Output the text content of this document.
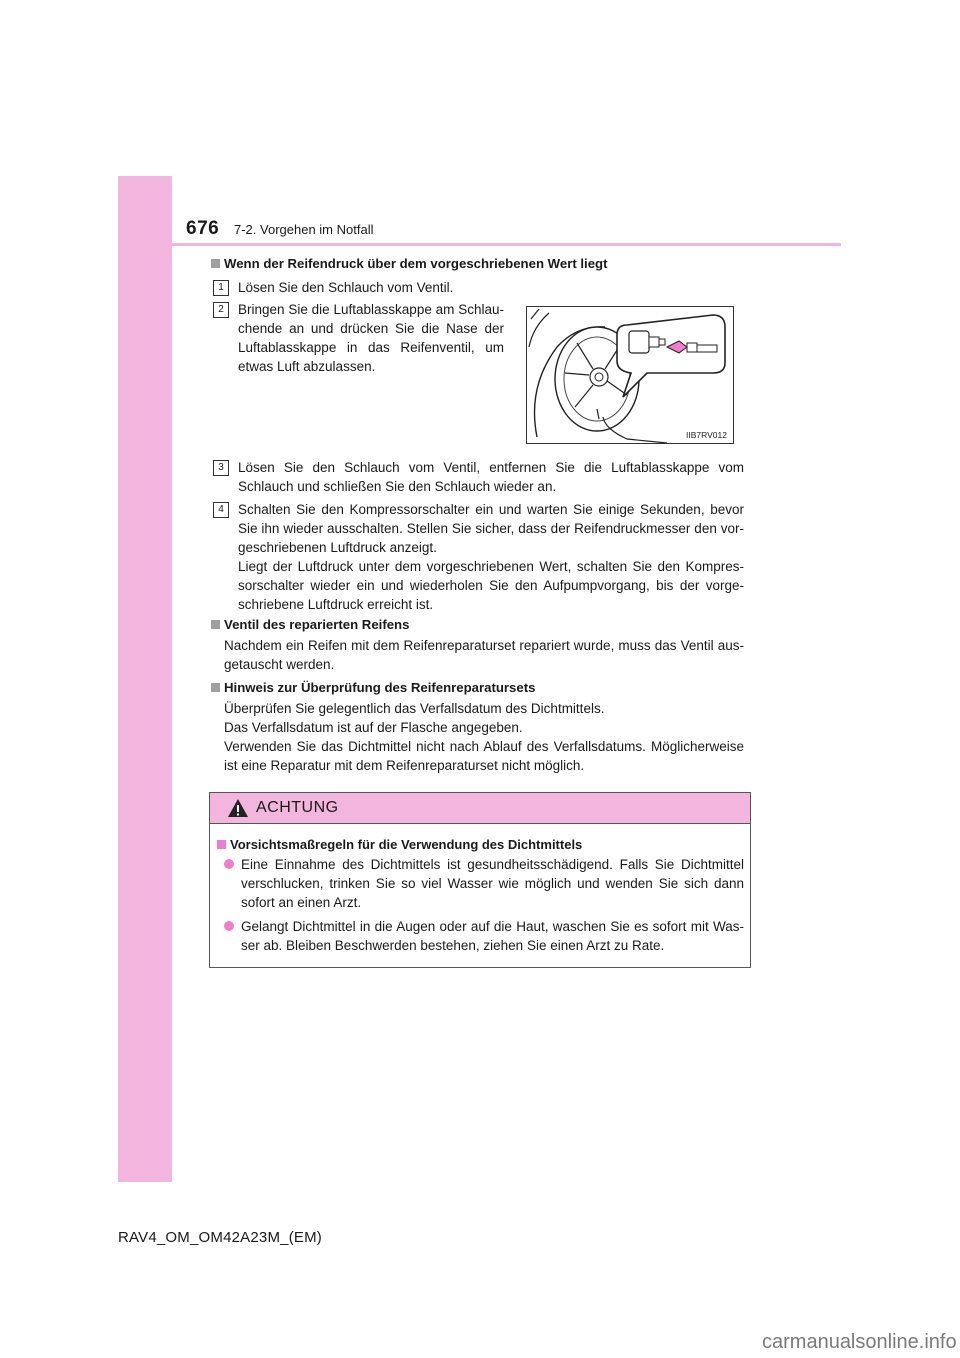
676 7-2. Vorgehen im Notfall
Wenn der Reifendruck über dem vorgeschriebenen Wert liegt
1	Lösen Sie den Schlauch vom Ventil.
2	Bringen Sie die Luftablasskappe am Schlau-chende an und drücken Sie die Nase der Luftablasskappe in das Reifenventil, um etwas Luft abzulassen.
IIB7RV012
3	Lösen Sie den Schlauch vom Ventil, entfernen Sie die Luftablasskappe vom Schlauch und schließen Sie den Schlauch wieder an.
4	Schalten Sie den Kompressorschalter ein und warten Sie einige Sekunden, bevor Sie ihn wieder ausschalten. Stellen Sie sicher, dass der Reifendruckmesser den vor-geschriebenen Luftdruck anzeigt.
Liegt der Luftdruck unter dem vorgeschriebenen Wert, schalten Sie den Kompres-sorschalter wieder ein und wiederholen Sie den Aufpumpvorgang, bis der vorge-schriebene Luftdruck erreicht ist.
Ventil des reparierten Reifens
Nachdem ein Reifen mit dem Reifenreparaturset repariert wurde, muss das Ventil aus-getauscht werden.
Hinweis zur Überprüfung des Reifenreparatursets
Überprüfen Sie gelegentlich das Verfallsdatum des Dichtmittels.
Das Verfallsdatum ist auf der Flasche angegeben.
Verwenden Sie das Dichtmittel nicht nach Ablauf des Verfallsdatums. Möglicherweise ist eine Reparatur mit dem Reifenreparaturset nicht möglich.
ACHTUNG
Vorsichtsmaßregeln für die Verwendung des Dichtmittels
Eine Einnahme des Dichtmittels ist gesundheitsschädigend. Falls Sie Dichtmittel verschlucken, trinken Sie so viel Wasser wie möglich und wenden Sie sich dann sofort an einen Arzt.
Gelangt Dichtmittel in die Augen oder auf die Haut, waschen Sie es sofort mit Was-ser ab. Bleiben Beschwerden bestehen, ziehen Sie einen Arzt zu Rate.
RAV4_OM_OM42A23M_(EM)
carmanualsonline.info
